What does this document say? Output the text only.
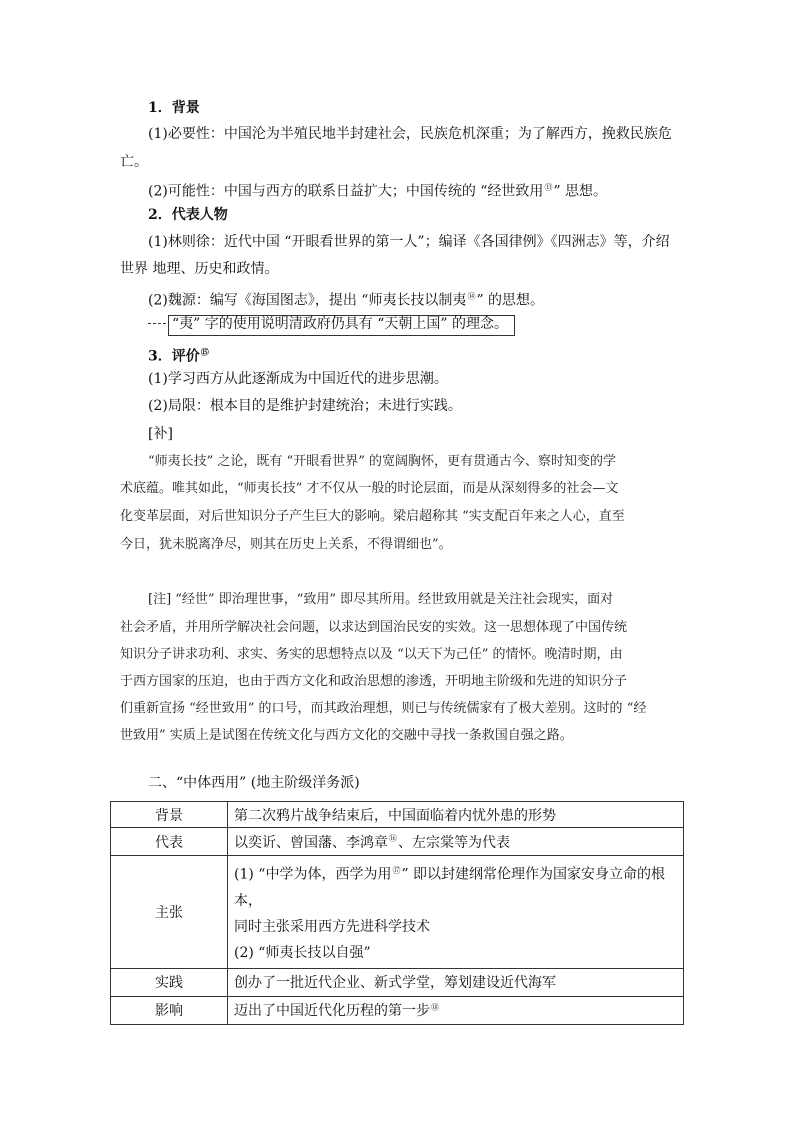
1．背景
(1)必要性：中国沦为半殖民地半封建社会，民族危机深重；为了解西方，挽救民族危
亡。
(2)可能性：中国与西方的联系日益扩大；中国传统的 “经世致用⑬” 思想。
2．代表人物
(1)林则徐：近代中国 “开眼看世界的第一人”；编译《各国律例》《四洲志》等，介绍
世界 地理、历史和政情。
(2)魏源：编写《海国图志》，提出 “师夷长技以制夷⑭” 的思想。
“夷” 字的使用说明清政府仍具有 “天朝上国” 的理念。
3．评价⑮
(1)学习西方从此逐渐成为中国近代的进步思潮。
(2)局限：根本目的是维护封建统治；未进行实践。
[补]
“师夷长技” 之论，既有 “开眼看世界” 的宽阔胸怀，更有贯通古今、察时知变的学
术底蕴。唯其如此，“师夷长技” 才不仅从一般的时论层面，而是从深刻得多的社会—文
化变革层面，对后世知识分子产生巨大的影响。梁启超称其 “实支配百年来之人心，直至
今日，犹未脱离净尽，则其在历史上关系，不得谓细也”。
[注] “经世” 即治理世事，“致用” 即尽其所用。经世致用就是关注社会现实，面对
社会矛盾，并用所学解决社会问题，以求达到国治民安的实效。这一思想体现了中国传统
知识分子讲求功利、求实、务实的思想特点以及 “以天下为己任” 的情怀。晚清时期，由
于西方国家的压迫，也由于西方文化和政治思想的渗透，开明地主阶级和先进的知识分子
们重新宣扬 “经世致用” 的口号，而其政治理想，则已与传统儒家有了极大差别。这时的 “经
世致用” 实质上是试图在传统文化与西方文化的交融中寻找一条救国自强之路。
二、“中体西用” (地主阶级洋务派)
背景	第二次鸦片战争结束后，中国面临着内忧外患的形势
代表	以奕䜣、曾国藩、李鸿章⑯、左宗棠等为代表
主张	(1) “中学为体，西学为用⑰” 即以封建纲常伦理作为国家安身立命的根本，
同时主张采用西方先进科学技术
(2) “师夷长技以自强”

实践	创办了一批近代企业、新式学堂，筹划建设近代海军
影响	迈出了中国近代化历程的第一步⑱
